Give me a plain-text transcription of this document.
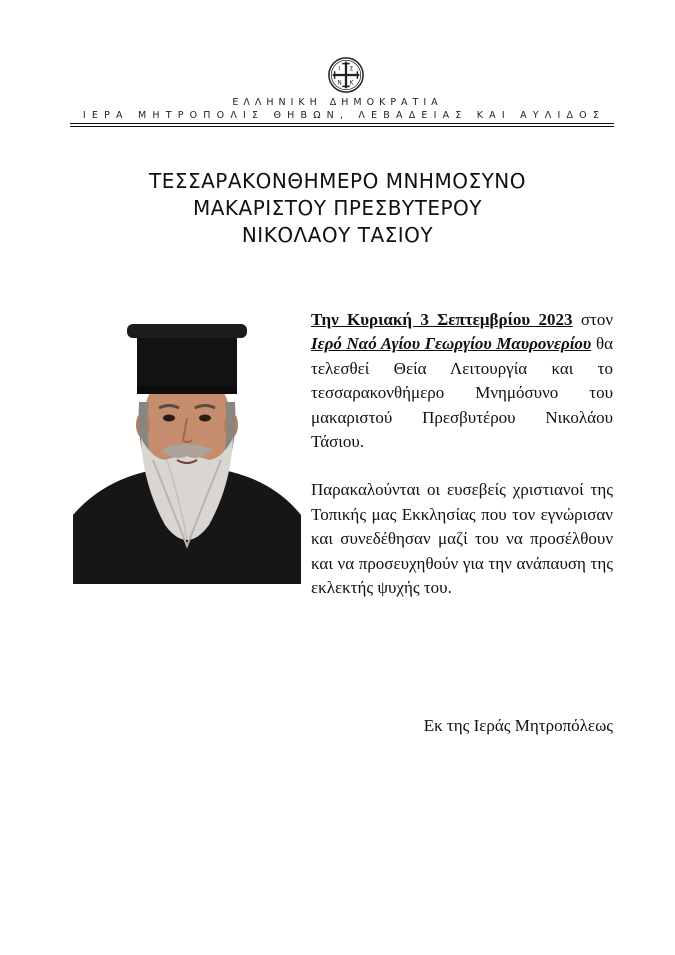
Ι Σ
Ν Κ
ΕΛΛΗΝΙΚΗ ΔΗΜΟΚΡΑΤΙΑ
ΙΕΡΑ ΜΗΤΡΟΠΟΛΙΣ ΘΗΒΩΝ, ΛΕΒΑΔΕΙΑΣ ΚΑΙ ΑΥΛΙΔΟΣ
ΤΕΣΣΑΡΑΚΟΝΘΗΜΕΡΟ ΜΝΗΜΟΣΥΝΟ
ΜΑΚΑΡΙΣΤΟΥ ΠΡΕΣΒΥΤΕΡΟΥ
ΝΙΚΟΛΑΟΥ ΤΑΣΙΟΥ

Την Κυριακή 3 Σεπτεμβρίου 2023 στον Ιερό Ναό Αγίου Γεωργίου Μαυρονερίου θα τελεσθεί Θεία Λειτουργία και το τεσσαρακονθήμερο Μνημόσυνο του μακαριστού Πρεσβυτέρου Νικολάου Τάσιου.

Παρακαλούνται οι ευσεβείς χριστιανοί της Τοπικής μας Εκκλησίας που τον εγνώρισαν και συνεδέθησαν μαζί του να προσέλθουν και να προσευχηθούν για την ανάπαυση της εκλεκτής ψυχής του.

Εκ της Ιεράς Μητροπόλεως
